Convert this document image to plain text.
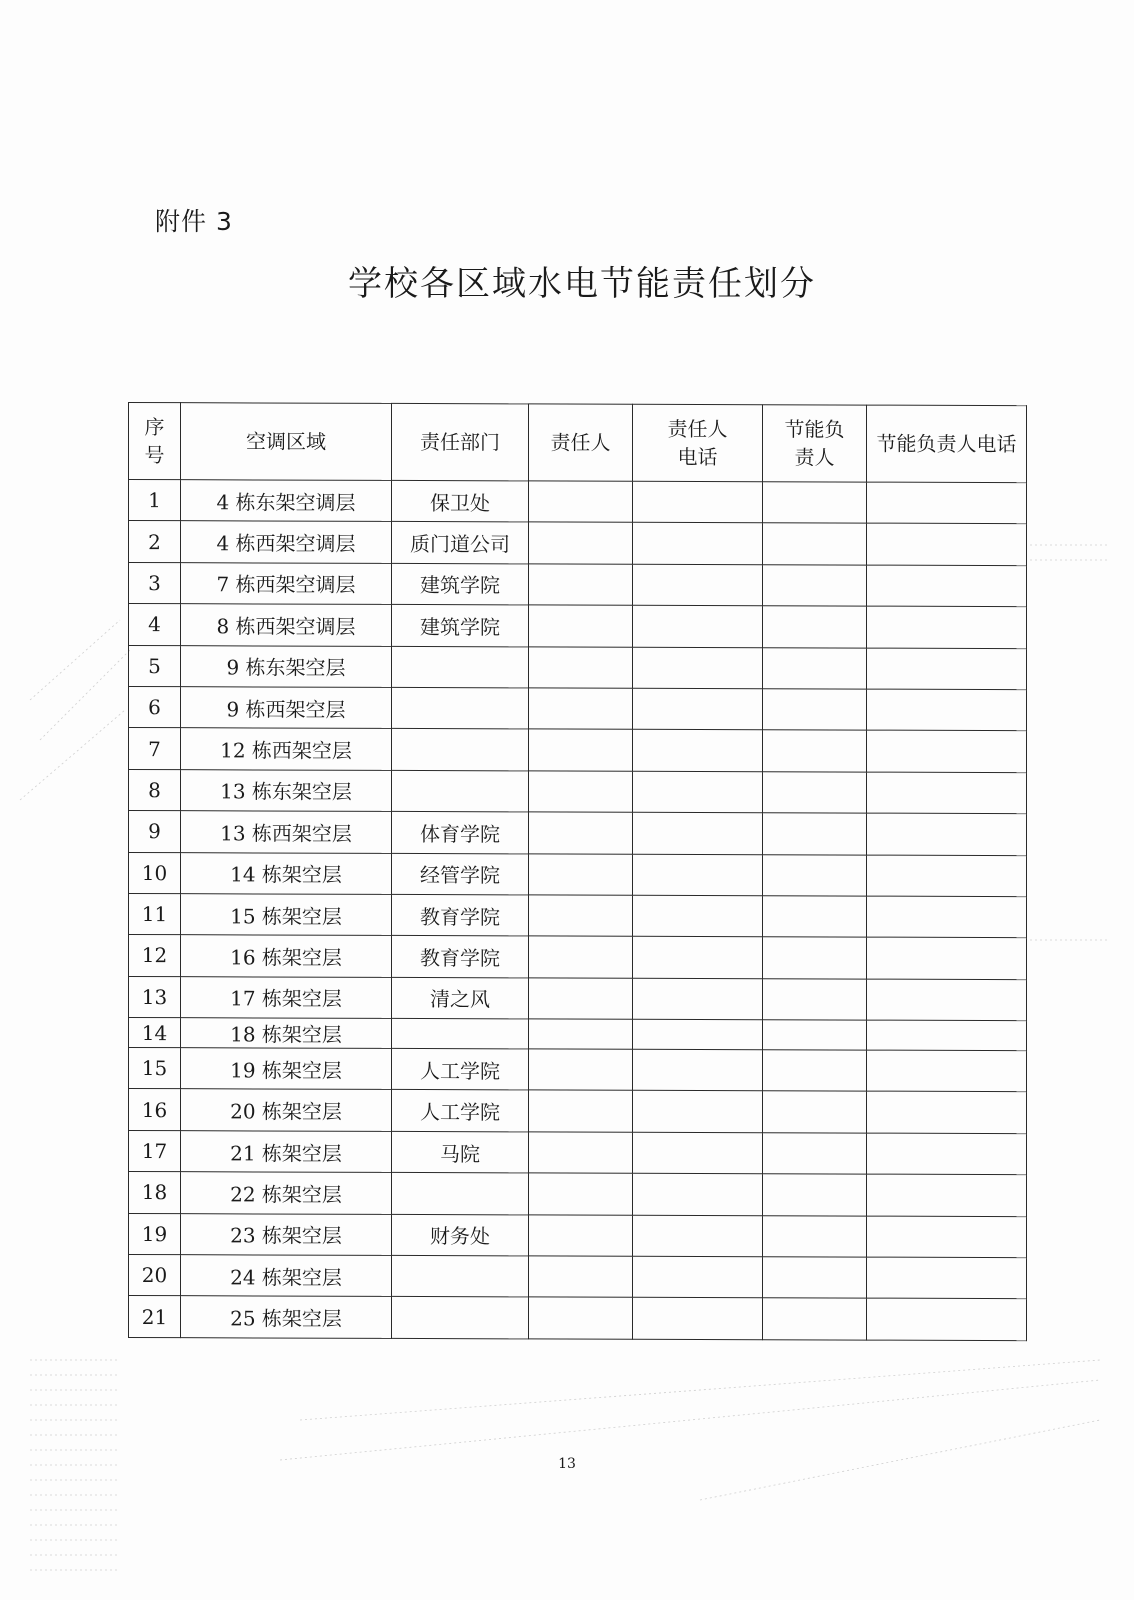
附件 3
学校各区域水电节能责任划分
序号	空调区域	责任部门	责任人	责任人电话	节能负责人	节能负责人电话
1	4 栋东架空调层	保卫处				
2	4 栋西架空调层	质门道公司				
3	7 栋西架空调层	建筑学院				
4	8 栋西架空调层	建筑学院				
5	9 栋东架空层					
6	9 栋西架空层					
7	12 栋西架空层					
8	13 栋东架空层					
9	13 栋西架空层	体育学院				
10	14 栋架空层	经管学院				
11	15 栋架空层	教育学院				
12	16 栋架空层	教育学院				
13	17 栋架空层	清之风				
14	18 栋架空层					
15	19 栋架空层	人工学院				
16	20 栋架空层	人工学院				
17	21 栋架空层	马院				
18	22 栋架空层					
19	23 栋架空层	财务处				
20	24 栋架空层					
21	25 栋架空层					
13
